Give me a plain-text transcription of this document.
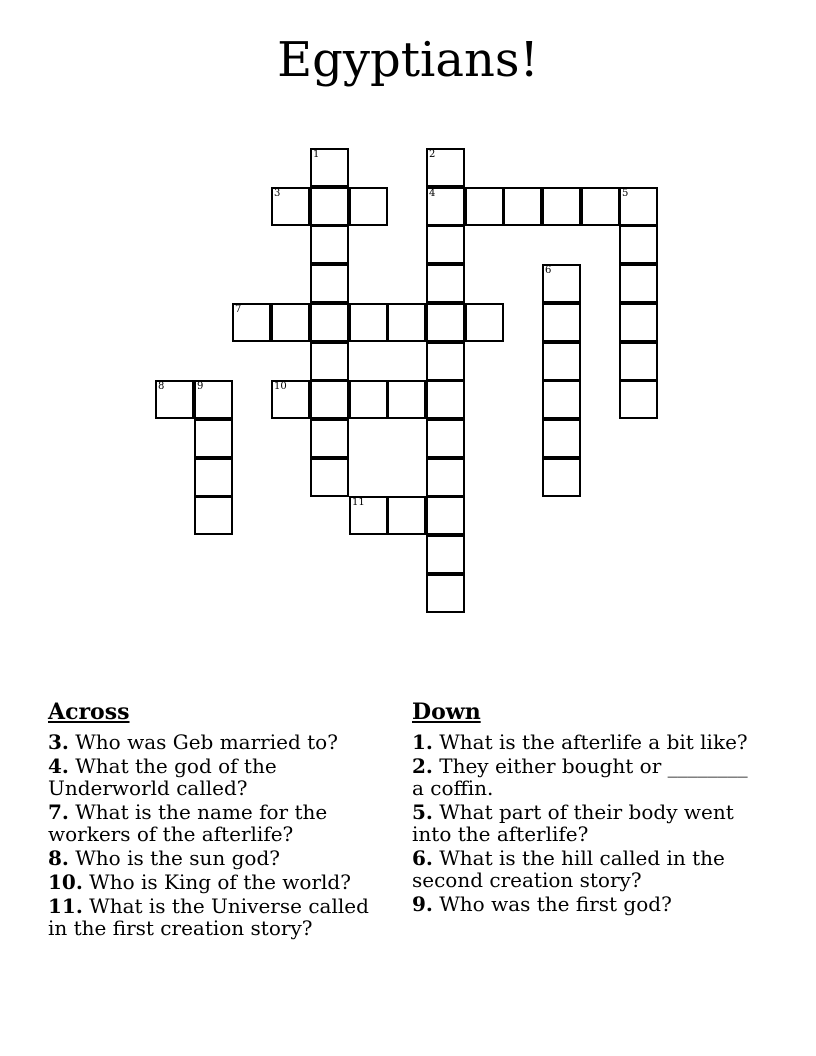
Egyptians!
1	2
3	4	5
6
7
8	9	10
11
Across
3. Who was Geb married to?
4. What the god of the Underworld called?
7. What is the name for the workers of the afterlife?
8. Who is the sun god?
10. Who is King of the world?
11. What is the Universe called in the first creation story?
Down
1. What is the afterlife a bit like?
2. They either bought or ________ a coffin.
5. What part of their body went into the afterlife?
6. What is the hill called in the second creation story?
9. Who was the first god?
